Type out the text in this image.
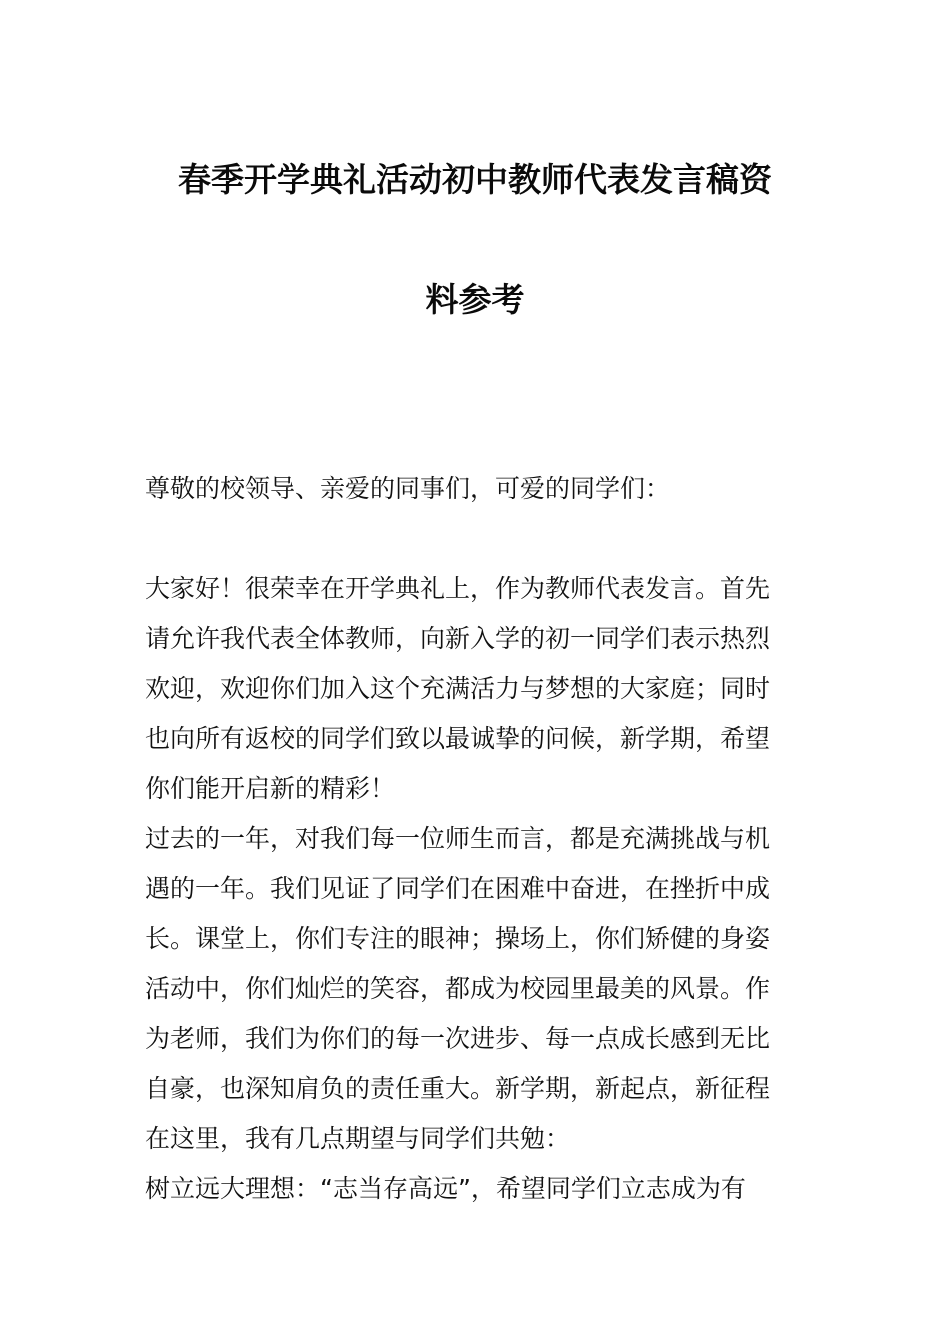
春季开学典礼活动初中教师代表发言稿资
料参考
尊敬的校领导、亲爱的同事们，可爱的同学们：
大家好！很荣幸在开学典礼上，作为教师代表发言。首先
请允许我代表全体教师，向新入学的初一同学们表示热烈
欢迎，欢迎你们加入这个充满活力与梦想的大家庭；同时
也向所有返校的同学们致以最诚挚的问候，新学期，希望
你们能开启新的精彩！
过去的一年，对我们每一位师生而言，都是充满挑战与机
遇的一年。我们见证了同学们在困难中奋进，在挫折中成
长。课堂上，你们专注的眼神；操场上，你们矫健的身姿
活动中，你们灿烂的笑容，都成为校园里最美的风景。作
为老师，我们为你们的每一次进步、每一点成长感到无比
自豪，也深知肩负的责任重大。新学期，新起点，新征程
在这里，我有几点期望与同学们共勉：
树立远大理想：“志当存高远”，希望同学们立志成为有
